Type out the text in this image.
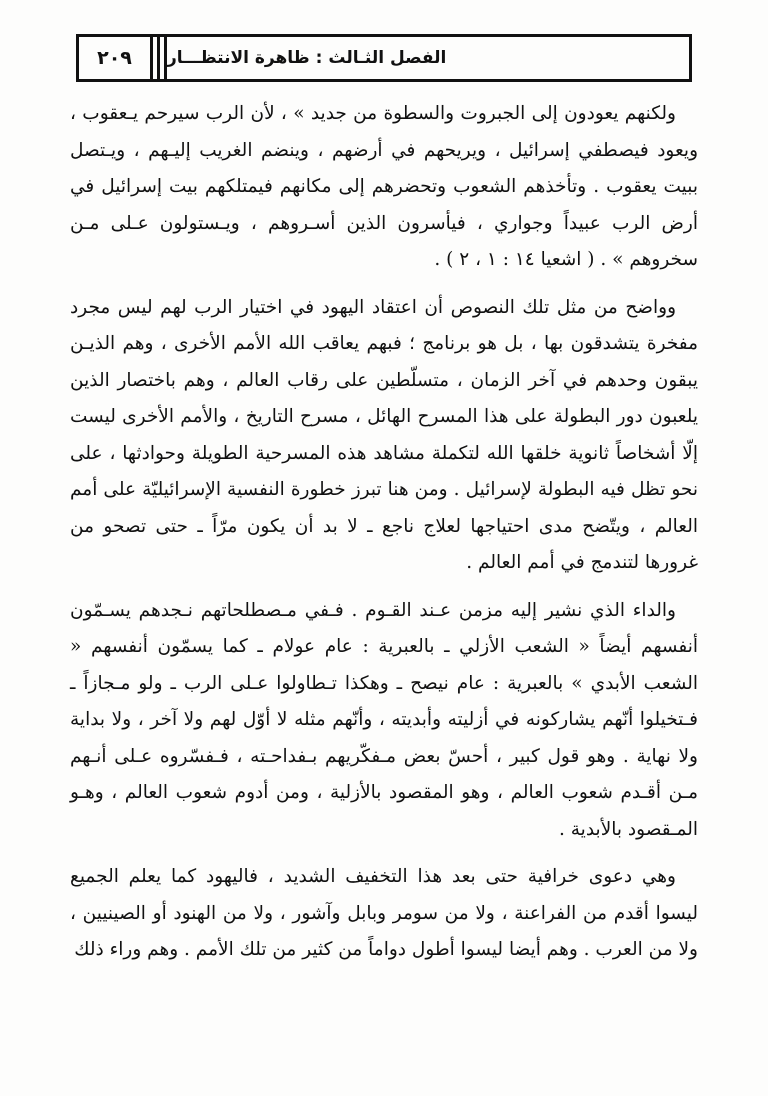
٢٠٩	الفصل الثـالث : ظاهرة الانتظـــار

ولكنهم يعودون إلى الجبروت والسطوة من جديد » ، لأن الرب سيرحم يـعقوب ، ويعود فيصطفي إسرائيل ، ويريحهم في أرضهم ، وينضم الغريب إليـهم ، ويـتصل ببيت يعقوب . وتأخذهم الشعوب وتحضرهم إلى مكانهم فيمتلكهم بيت إسرائيل في أرض الرب عبيداً وجواري ، فيأسرون الذين أسـروهم ، ويـستولون عـلى مـن سخروهم » . ( اشعيا ١٤ : ١ ، ٢ ) .

وواضح من مثل تلك النصوص أن اعتقاد اليهود في اختيار الرب لهم ليس مجرد مفخرة يتشدقون بها ، بل هو برنامج ؛ فبهم يعاقب الله الأمم الأخرى ، وهم الذيـن يبقون وحدهم في آخر الزمان ، متسلّطين على رقاب العالم ، وهم باختصار الذين يلعبون دور البطولة على هذا المسرح الهائل ، مسرح التاريخ ، والأمم الأخرى ليست إلّا أشخاصاً ثانوية خلقها الله لتكملة مشاهد هذه المسرحية الطويلة وحوادثها ، على نحو تظل فيه البطولة لإسرائيل . ومن هنا تبرز خطورة النفسية الإسرائيليّة على أمم العالم ، ويتّضح مدى احتياجها لعلاج ناجع ـ لا بد أن يكون مرّاً ـ حتى تصحو من غرورها لتندمج في أمم العالم .

والداء الذي نشير إليه مزمن عـند القـوم . فـفي مـصطلحاتهم نـجدهم يسـمّون أنفسهم أيضاً « الشعب الأزلي ـ بالعبرية : عام عولام ـ كما يسمّون أنفسهم « الشعب الأبدي » بالعبرية : عام نيصح ـ وهكذا تـطاولوا عـلى الرب ـ ولو مـجازاً ـ فـتخيلوا أنّهم يشاركونه في أزليته وأبديته ، وأنّهم مثله لا أوّل لهم ولا آخر ، ولا بداية ولا نهاية . وهو قول كبير ، أحسّ بعض مـفكّريهم بـفداحـته ، فـفسّروه عـلى أنـهم مـن أقـدم شعوب العالم ، وهو المقصود بالأزلية ، ومن أدوم شعوب العالم ، وهـو المـقصود بالأبدية .

وهي دعوى خرافية حتى بعد هذا التخفيف الشديد ، فاليهود كما يعلم الجميع ليسوا أقدم من الفراعنة ، ولا من سومر وبابل وآشور ، ولا من الهنود أو الصينيين ، ولا من العرب . وهم أيضا ليسوا أطول دواماً من كثير من تلك الأمم . وهم وراء ذلك
